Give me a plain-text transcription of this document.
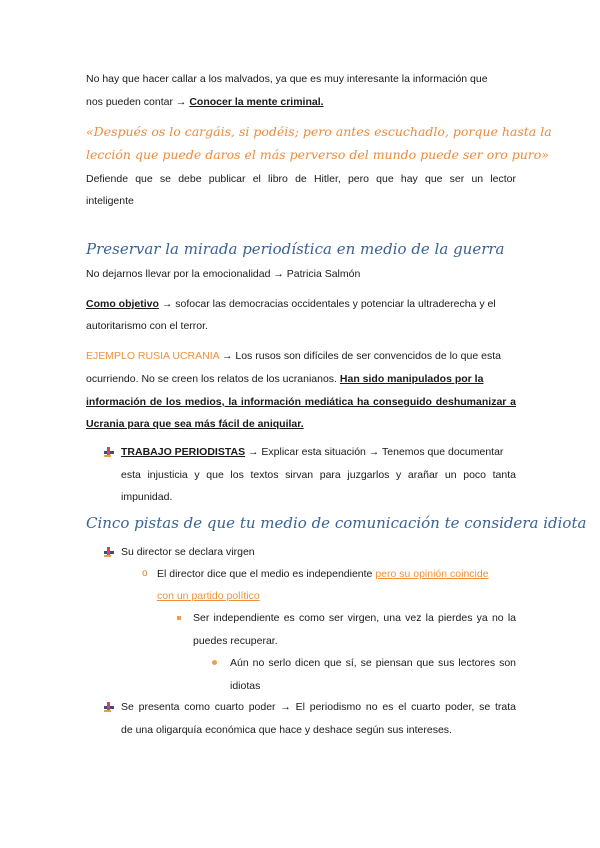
No hay que hacer callar a los malvados, ya que es muy interesante la información que
nos pueden contar → Conocer la mente criminal.
«Después os lo cargáis, si podéis; pero antes escuchadlo, porque hasta la
lección que puede daros el más perverso del mundo puede ser oro puro»
Defiende que se debe publicar el libro de Hitler, pero que hay que ser un lector
inteligente
Preservar la mirada periodística en medio de la guerra
No dejarnos llevar por la emocionalidad → Patricia Salmón
Como objetivo → sofocar las democracias occidentales y potenciar la ultraderecha y el
autoritarismo con el terror.
EJEMPLO RUSIA UCRANIA → Los rusos son difíciles de ser convencidos de lo que esta
ocurriendo. No se creen los relatos de los ucranianos. Han sido manipulados por la
información de los medios, la información mediática ha conseguido deshumanizar a
Ucrania para que sea más fácil de aniquilar.
TRABAJO PERIODISTAS → Explicar esta situación → Tenemos que documentar
esta injusticia y que los textos sirvan para juzgarlos y arañar un poco tanta
impunidad.
Cinco pistas de que tu medio de comunicación te considera idiota
Su director se declara virgen
o El director dice que el medio es independiente pero su opinión coincide
con un partido político
Ser independiente es como ser virgen, una vez la pierdes ya no la
puedes recuperar.
Aún no serlo dicen que sí, se piensan que sus lectores son
idiotas
Se presenta como cuarto poder → El periodismo no es el cuarto poder, se trata
de una oligarquía económica que hace y deshace según sus intereses.
